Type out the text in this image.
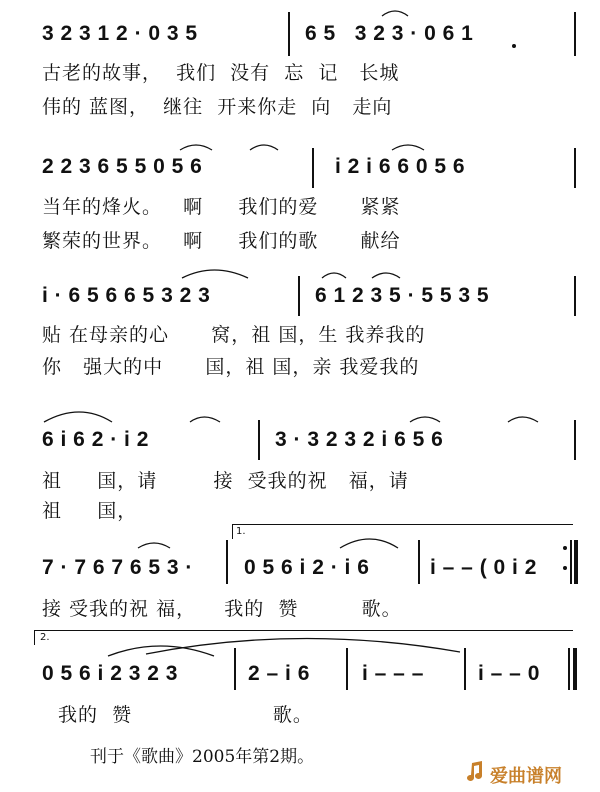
3 2 3 1 2 · 0 3 5	6 5   3 2 3 · 0 6 1
古老的故事，  我们  没有  忘  记   长城
伟的 蓝图，  继往  开来你走  向   走向
2 2 3 6 5 5 0 5 6	i 2 i 6 6 0 5 6
当年的烽火。   啊     我们的爱      紧紧
繁荣的世界。   啊     我们的歌      献给
i · 6 5 6 6 5 3 2 3	6 1 2 3 5 · 5 5 3 5
贴 在母亲的心      窝，祖 国，生 我养我的
你   强大的中      国，祖 国，亲 我爱我的
6 i 6 2 · i 2	3 · 3 2 3 2 i 6 5 6
祖     国，请        接  受我的祝   福，请
祖     国，
7 · 7 6 7 6 5 3 ·
1.
0 5 6 i 2 · i 6	i – – ( 0 i 2
接 受我的祝 福，    我的  赞         歌。
2.
0 5 6 i 2 3 2 3	2 – i 6 i – – –	i – – 0
我的  赞                    歌。
刊于《歌曲》2005年第2期。
爱曲谱网
